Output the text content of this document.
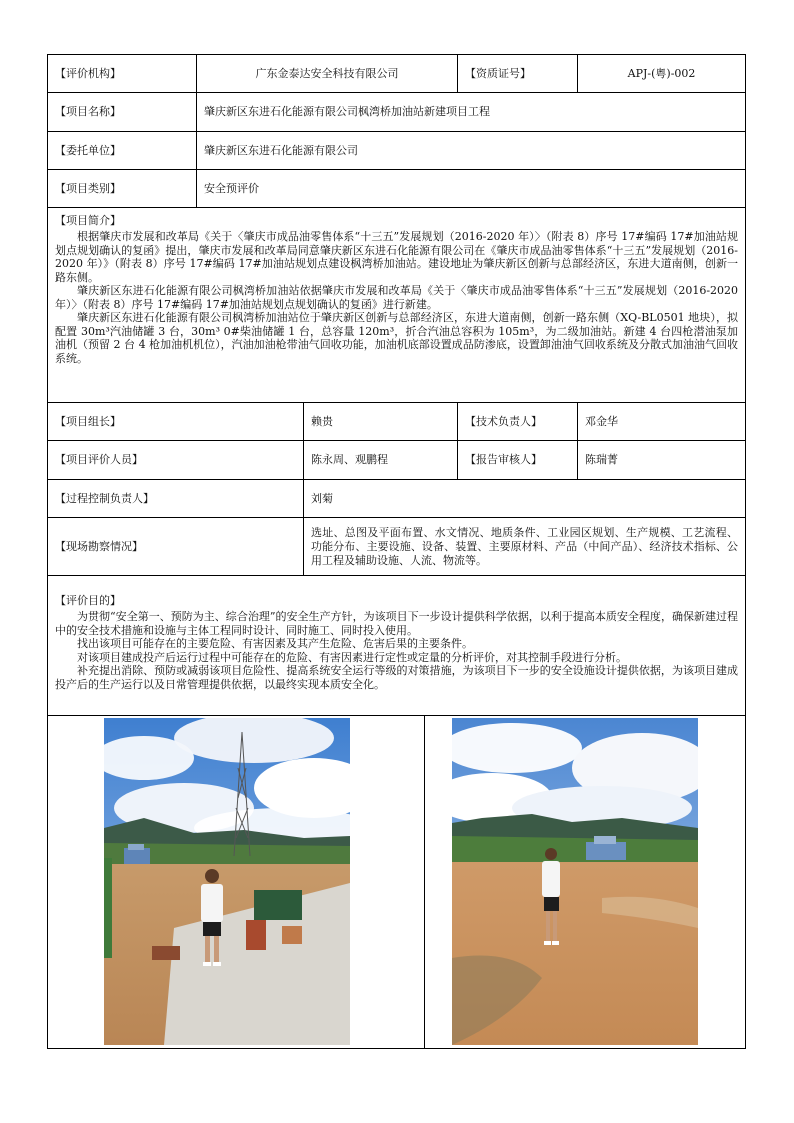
【评价机构】	广东金泰达安全科技有限公司			【资质证号】	APJ-(粤)-002
【项目名称】	肇庆新区东进石化能源有限公司枫湾桥加油站新建项目工程				
【委托单位】	肇庆新区东进石化能源有限公司				
【项目类别】	安全预评价				

【项目简介】

根据肇庆市发展和改革局《关于〈肇庆市成品油零售体系“十三五”发展规划（2016-2020 年）〉（附表 8）序号 17#编码 17#加油站规划点规划确认的复函》提出，肇庆市发展和改革局同意肇庆新区东进石化能源有限公司在《肇庆市成品油零售体系“十三五”发展规划（2016-2020 年）》（附表 8）序号 17#编码 17#加油站规划点建设枫湾桥加油站。建设地址为肇庆新区创新与总部经济区，东进大道南侧，创新一路东侧。

肇庆新区东进石化能源有限公司枫湾桥加油站依据肇庆市发展和改革局《关于〈肇庆市成品油零售体系“十三五”发展规划（2016-2020 年）〉（附表 8）序号 17#编码 17#加油站规划点规划确认的复函》进行新建。

肇庆新区东进石化能源有限公司枫湾桥加油站位于肇庆新区创新与总部经济区，东进大道南侧，创新一路东侧（XQ-BL0501 地块），拟配置 30m³汽油储罐 3 台，30m³ 0#柴油储罐 1 台，总容量 120m³，折合汽油总容积为 105m³，为二级加油站。新建 4 台四枪潜油泵加油机（预留 2 台 4 枪加油机机位），汽油加油枪带油气回收功能，加油机底部设置成品防渗底，设置卸油油气回收系统及分散式加油油气回收系统。					

【项目组长】		赖贵		【技术负责人】	邓金华
【项目评价人员】		陈永周、观鹏程		【报告审核人】	陈瑞菁
【过程控制负责人】		刘菊			
【现场勘察情况】		选址、总图及平面布置、水文情况、地质条件、工业园区规划、生产规模、工艺流程、功能分布、主要设施、设备、装置、主要原材料、产品（中间产品）、经济技术指标、公用工程及辅助设施、人流、物流等。			

【评价目的】

为贯彻“安全第一、预防为主、综合治理”的安全生产方针，为该项目下一步设计提供科学依据，以利于提高本质安全程度，确保新建过程中的安全技术措施和设施与主体工程同时设计、同时施工、同时投入使用。

找出该项目可能存在的主要危险、有害因素及其产生危险、危害后果的主要条件。

对该项目建成投产后运行过程中可能存在的危险、有害因素进行定性或定量的分析评价，对其控制手段进行分析。

补充提出消除、预防或减弱该项目危险性、提高系统安全运行等级的对策措施，为该项目下一步的安全设施设计提供依据，为该项目建成投产后的生产运行以及日常管理提供依据，以最终实现本质安全化。					
